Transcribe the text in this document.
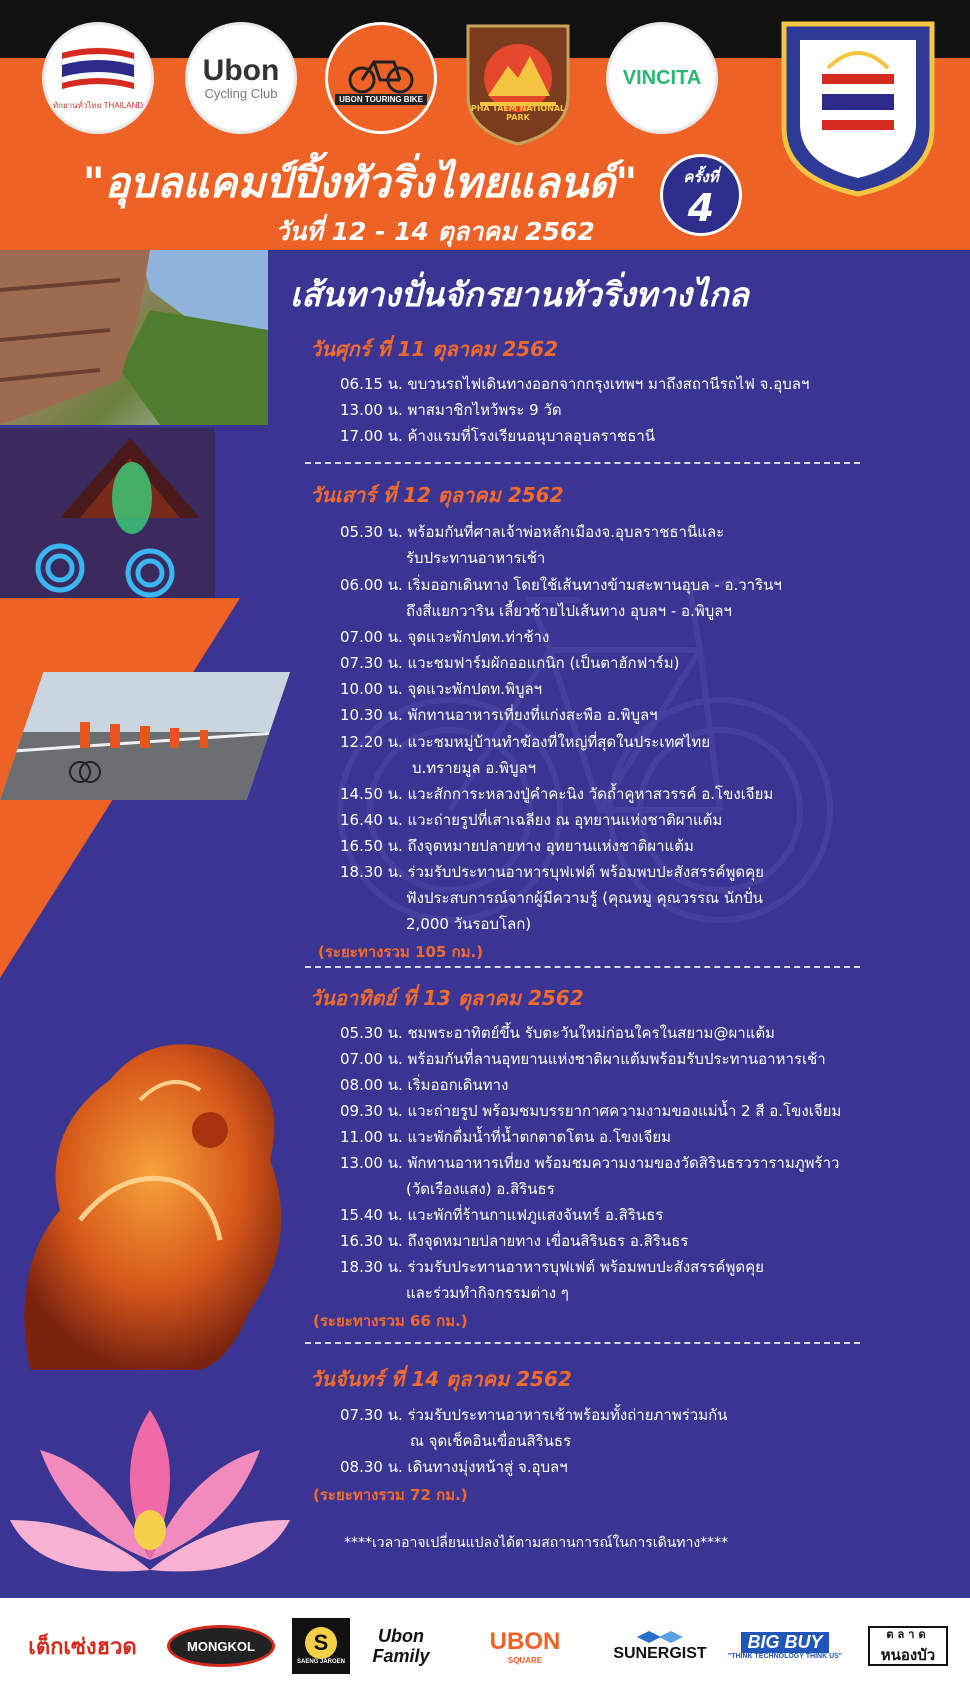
ทักยานทั่วไทย THAILAND
Ubon
Cycling Club	UBON TOURING BIKE
PHA TAEM NATIONAL PARK
VINCITA
"อุบลแคมป์ปิ้งทัวริ่งไทยแลนด์"
วันที่ 12 - 14 ตุลาคม 2562
ครั้งที่
4
เส้นทางปั่นจักรยานทัวริ่งทางไกล
วันศุกร์ ที่ 11 ตุลาคม 2562
06.15 น. ขบวนรถไฟเดินทางออกจากกรุงเทพฯ มาถึงสถานีรถไฟ จ.อุบลฯ
13.00 น. พาสมาชิกไหว้พระ 9 วัด
17.00 น. ค้างแรมที่โรงเรียนอนุบาลอุบลราชธานี
วันเสาร์ ที่ 12 ตุลาคม 2562
05.30 น. พร้อมกันที่ศาลเจ้าพ่อหลักเมืองจ.อุบลราชธานีและ
รับประทานอาหารเช้า
06.00 น. เริ่มออกเดินทาง โดยใช้เส้นทางข้ามสะพานอุบล - อ.วารินฯ
ถึงสี่แยกวาริน เลี้ยวซ้ายไปเส้นทาง อุบลฯ - อ.พิบูลฯ
07.00 น. จุดแวะพักปตท.ท่าช้าง
07.30 น. แวะชมฟาร์มผักออแกนิก (เป็นตาฮักฟาร์ม)
10.00 น. จุดแวะพักปตท.พิบูลฯ
10.30 น. พักทานอาหารเที่ยงที่แก่งสะพือ อ.พิบูลฯ
12.20 น. แวะชมหมู่บ้านทำฆ้องที่ใหญ่ที่สุดในประเทศไทย
บ.ทรายมูล อ.พิบูลฯ
14.50 น. แวะสักการะหลวงปู่คำคะนิง วัดถ้ำคูหาสวรรค์ อ.โขงเจียม
16.40 น. แวะถ่ายรูปที่เสาเฉลียง ณ อุทยานแห่งชาติผาแต้ม
16.50 น. ถึงจุดหมายปลายทาง อุทยานแห่งชาติผาแต้ม
18.30 น. ร่วมรับประทานอาหารบุฟเฟต์ พร้อมพบปะสังสรรค์พูดคุย
ฟังประสบการณ์จากผู้มีความรู้ (คุณหมู คุณวรรณ นักปั่น
2,000 วันรอบโลก)
(ระยะทางรวม 105 กม.)
วันอาทิตย์ ที่ 13 ตุลาคม 2562
05.30 น. ชมพระอาทิตย์ขึ้น รับตะวันใหม่ก่อนใครในสยาม@ผาแต้ม
07.00 น. พร้อมกันที่ลานอุทยานแห่งชาติผาแต้มพร้อมรับประทานอาหารเช้า
08.00 น. เริ่มออกเดินทาง
09.30 น. แวะถ่ายรูป พร้อมชมบรรยากาศความงามของแม่น้ำ 2 สี อ.โขงเจียม
11.00 น. แวะพักดื่มน้ำที่น้ำตกตาดโตน อ.โขงเจียม
13.00 น. พักทานอาหารเที่ยง พร้อมชมความงามของวัดสิรินธรวรารามภูพร้าว
(วัดเรืองแสง) อ.สิรินธร
15.40 น. แวะพักที่ร้านกาแฟภูแสงจันทร์ อ.สิรินธร
16.30 น. ถึงจุดหมายปลายทาง เขื่อนสิรินธร อ.สิรินธร
18.30 น. ร่วมรับประทานอาหารบุฟเฟต์ พร้อมพบปะสังสรรค์พูดคุย
และร่วมทำกิจกรรมต่าง ๆ
(ระยะทางรวม 66 กม.)
วันจันทร์ ที่ 14 ตุลาคม 2562
07.30 น. ร่วมรับประทานอาหารเช้าพร้อมทั้งถ่ายภาพร่วมกัน
ณ จุดเช็คอินเขื่อนสิรินธร
08.30 น. เดินทางมุ่งหน้าสู่ จ.อุบลฯ
(ระยะทางรวม 72 กม.)
****เวลาอาจเปลี่ยนแปลงได้ตามสถานการณ์ในการเดินทาง****
เต็กเซ่งฮวด	MONGKOL	S
SAENG JAROEN
Ubon Family
UBON
SQUARE	SUNERGIST
BIG BUY
"THINK TECHNOLOGY THINK US"
ตลาด
หนองบัว
